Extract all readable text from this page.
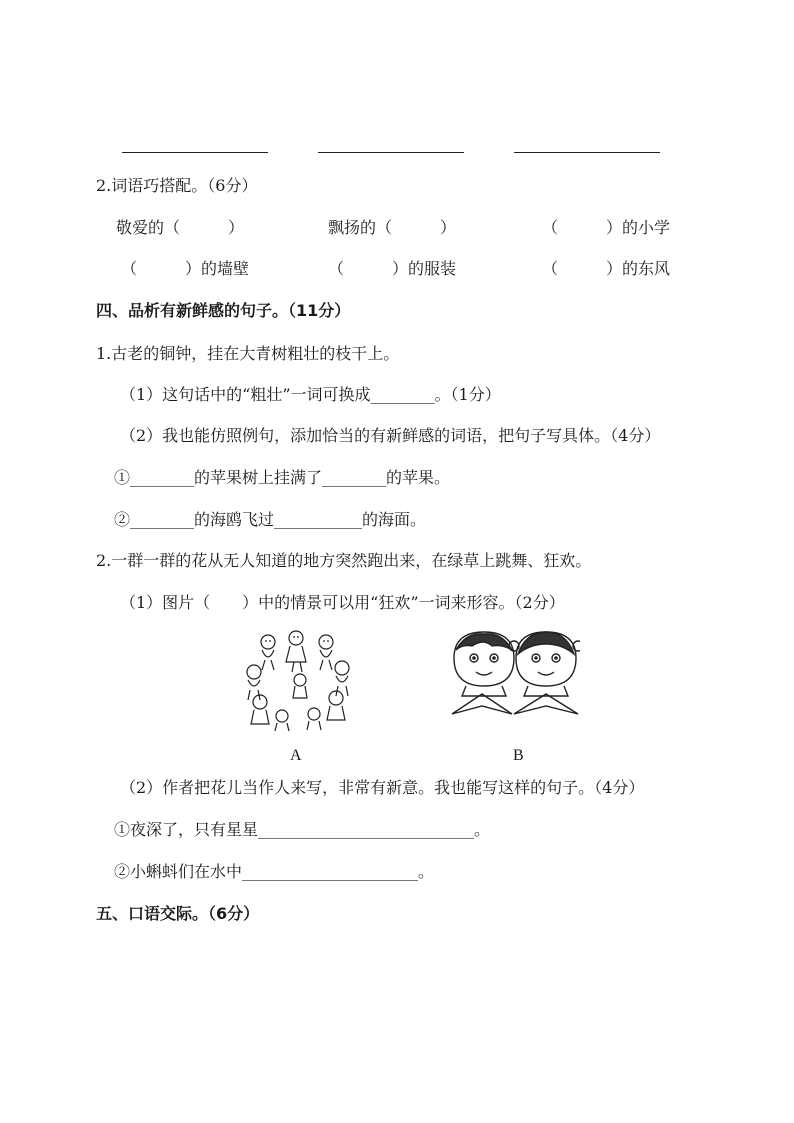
2.词语巧搭配。（6分）
敬爱的（　　　）	飘扬的（　　　）	（　　　）的小学
（　　　）的墙壁	（　　　）的服装	（　　　）的东风
四、品析有新鲜感的句子。（11分）
1.古老的铜钟，挂在大青树粗壮的枝干上。
（1）这句话中的“粗壮”一词可换成________。（1分）
（2）我也能仿照例句，添加恰当的有新鲜感的词语，把句子写具体。（4分）
①________的苹果树上挂满了________的苹果。
②________的海鸥飞过___________的海面。
2.一群一群的花从无人知道的地方突然跑出来，在绿草上跳舞、狂欢。
（1）图片（　　）中的情景可以用“狂欢”一词来形容。（2分）
A	B
（2）作者把花儿当作人来写，非常有新意。我也能写这样的句子。（4分）
①夜深了，只有星星___________________________。
②小蝌蚪们在水中______________________。
五、口语交际。（6分）
